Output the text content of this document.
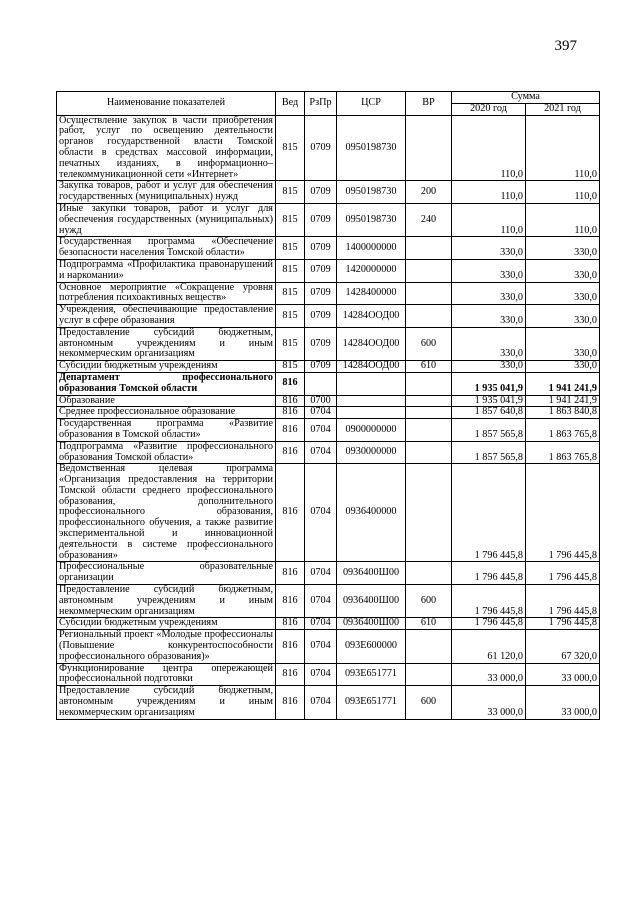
397
Наименование показателей	Вед	РзПр	ЦСР	ВР	Сумма	
					2020 год	2021 год
Осуществление закупок в части приобретения работ, услуг по освещению деятельности органов государственной власти Томской области в средствах массовой информации, печатных изданиях, в информационно–телекоммуникационной сети «Интернет»	815	0709	0950198730		110,0	110,0
Закупка товаров, работ и услуг для обеспечения государственных (муниципальных) нужд	815	0709	0950198730	200	110,0	110,0
Иные закупки товаров, работ и услуг для обеспечения государственных (муниципальных) нужд	815	0709	0950198730	240	110,0	110,0
Государственная программа «Обеспечение безопасности населения Томской области»	815	0709	1400000000		330,0	330,0
Подпрограмма «Профилактика правонарушений и наркомании»	815	0709	1420000000		330,0	330,0
Основное мероприятие «Сокращение уровня потребления психоактивных веществ»	815	0709	1428400000		330,0	330,0
Учреждения, обеспечивающие предоставление услуг в сфере образования	815	0709	14284ООД00		330,0	330,0
Предоставление субсидий бюджетным, автономным учреждениям и иным некоммерческим организациям	815	0709	14284ООД00	600	330,0	330,0
Субсидии бюджетным учреждениям	815	0709	14284ООД00	610	330,0	330,0
Департамент профессионального образования Томской области	816				1 935 041,9	1 941 241,9
Образование	816	0700			1 935 041,9	1 941 241,9
Среднее профессиональное образование	816	0704			1 857 640,8	1 863 840,8
Государственная программа «Развитие образования в Томской области»	816	0704	0900000000		1 857 565,8	1 863 765,8
Подпрограмма «Развитие профессионального образования Томской области»	816	0704	0930000000		1 857 565,8	1 863 765,8
Ведомственная целевая программа «Организация предоставления на территории Томской области среднего профессионального образования, дополнительного профессионального образования, профессионального обучения, а также развитие экспериментальной и инновационной деятельности в системе профессионального образования»	816	0704	0936400000		1 796 445,8	1 796 445,8
Профессиональные образовательные организации	816	0704	0936400Ш00		1 796 445,8	1 796 445,8
Предоставление субсидий бюджетным, автономным учреждениям и иным некоммерческим организациям	816	0704	0936400Ш00	600	1 796 445,8	1 796 445,8
Субсидии бюджетным учреждениям	816	0704	0936400Ш00	610	1 796 445,8	1 796 445,8
Региональный проект «Молодые профессионалы (Повышение конкурентоспособности профессионального образования)»	816	0704	093E600000		61 120,0	67 320,0
Функционирование центра опережающей профессиональной подготовки	816	0704	093E651771		33 000,0	33 000,0
Предоставление субсидий бюджетным, автономным учреждениям и иным некоммерческим организациям	816	0704	093E651771	600	33 000,0	33 000,0
